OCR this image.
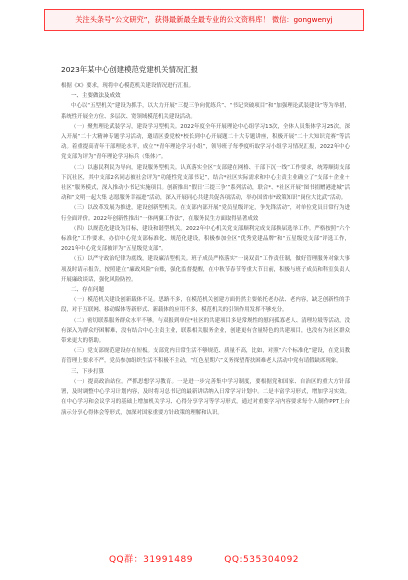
关注头条号“公文研究”，获得最新最全最专业的公文资料库！ 微信：gongwenyj

2023年某中心创建模范党建机关情况汇报

根据《X》要求，现将中心模范机关建设情况进行汇报。

一、主要做法及成效

中心以“五型机关”建设为抓手，以大力开展“三提三争向优练兵”、“书记突破项目”和“加强理论武装建设”等为举措，系统性开展全方位、多层次、宽领域模范机关建设活动。

（一）聚焦理论武装学习，建设学习型机关。2022年度全年开展理论中心组学习13次，全体人员集体学习25次，深入开展“二十大精神专题学习活动，邀请区委党校*校长到中心开展题二十大专题讲座，积极开展“二十大知识竞赛”等活动。着重提高青年干部理论水平，成立“*青年理论学习小组”，领导班子每季度听取学习小组学习情况汇报，2022年中心党支部为评为“青年理论学习标兵（集体）”。

（二）以惠民利民为导向，建设服务型机关。认真落实全区“支部建在网格、干部下沉一线”工作要求，统筹顺街支部下沉社区，其中支部2名同志被社会评为“功能性党支部书记”，结合*社区实际需求和中心主责主业确立了“支部＋企业＋社区”服务模式，深入推动小书记实施项目。创新推出“假日‘三提三争’”系列活动，联合*、*社区开展“图书捐赠港进城”活动和“文明一起大集 志愿服务幸福进”活动，深入开展同心共建共促各项活动，举办国省市*政策知识“岗位大比武”活动。

（三）以改革发展为推进，建设创新型机关。在支部内部开展“党员星级评定，争先锋活动”，对单位党员日常行为进行全面评价。2022年创新性推出“一体两翼工作法”，在服务民生方面取得显著成效

（四）以规范化建设为目标，建设和谐型机关。2022年中心机关党支部顺利完成支部换届选举工作。严格按照“六个标准化”工作要求，办信中心党支部标准化、规范化建设，积极参加全区“优秀党建品牌”和“五星级党支部”评选工作，2021年中心党支部被评为“五星级党支部”。

（五）以严守政治纪律为底线，建设廉洁型机关。班子成员严格落实“一岗双责”工作责任制，做好管理服务对象大事项及时请示报告，按照建立“廉政风险”台账，强化监督提醒，在中秋节春节等重大节日前，积极与班子成员和科室负责人开展廉政谈话，强化风险防控。

二、存在问题

（一）模范机关建设创新载体不足。思路不多，在模范机关创建方面仍然主要依托老办法、老内容，缺乏创新性的手段，对于互联网、移动媒体等新形式、新载体的应用不多，模范机关的引领作用发挥不够充分。

（二）密切联系服务群众水平不够。与双报到单位*社区的共建项目多是常规性的慰问孤寡老人、清理垃圾等活动，没有深入为群众纾困解难，没有结合中心主责主业，联系相关服务企业，创建更有含量特色的共建项目，也没有为社区群众带来更大的帮助。

（三）党支部规范建设存在短板。支部党内日常生活不够规范、质量不高，比如，对照“六个标准化”建设，在党员教育管理上要求不严，党员参加组织生活不积极不主动，“红色星期六”义务探望帮扶困难老人活动中党有请假缺席现象。

三、下步打算

（一）提高政治站位。严抓思想学习教育。一是进一步完善集中学习制度，要根据党和国家、自治区的重大方针部署，及时调整中心学习计划内容，及时将习总书记的最新讲话纳入日常学习计划中。二是丰富学习形式，增加学习实效。在中心学习和会议学习的基础上增加机关学习、心得分享学习等学习形式，通过对重要学习内容要求每个人制作PPT上台演示分享心得体会等形式，加深对国家重要方针政策的理解和认识。

QQ群：31991489	QQ:535304092
